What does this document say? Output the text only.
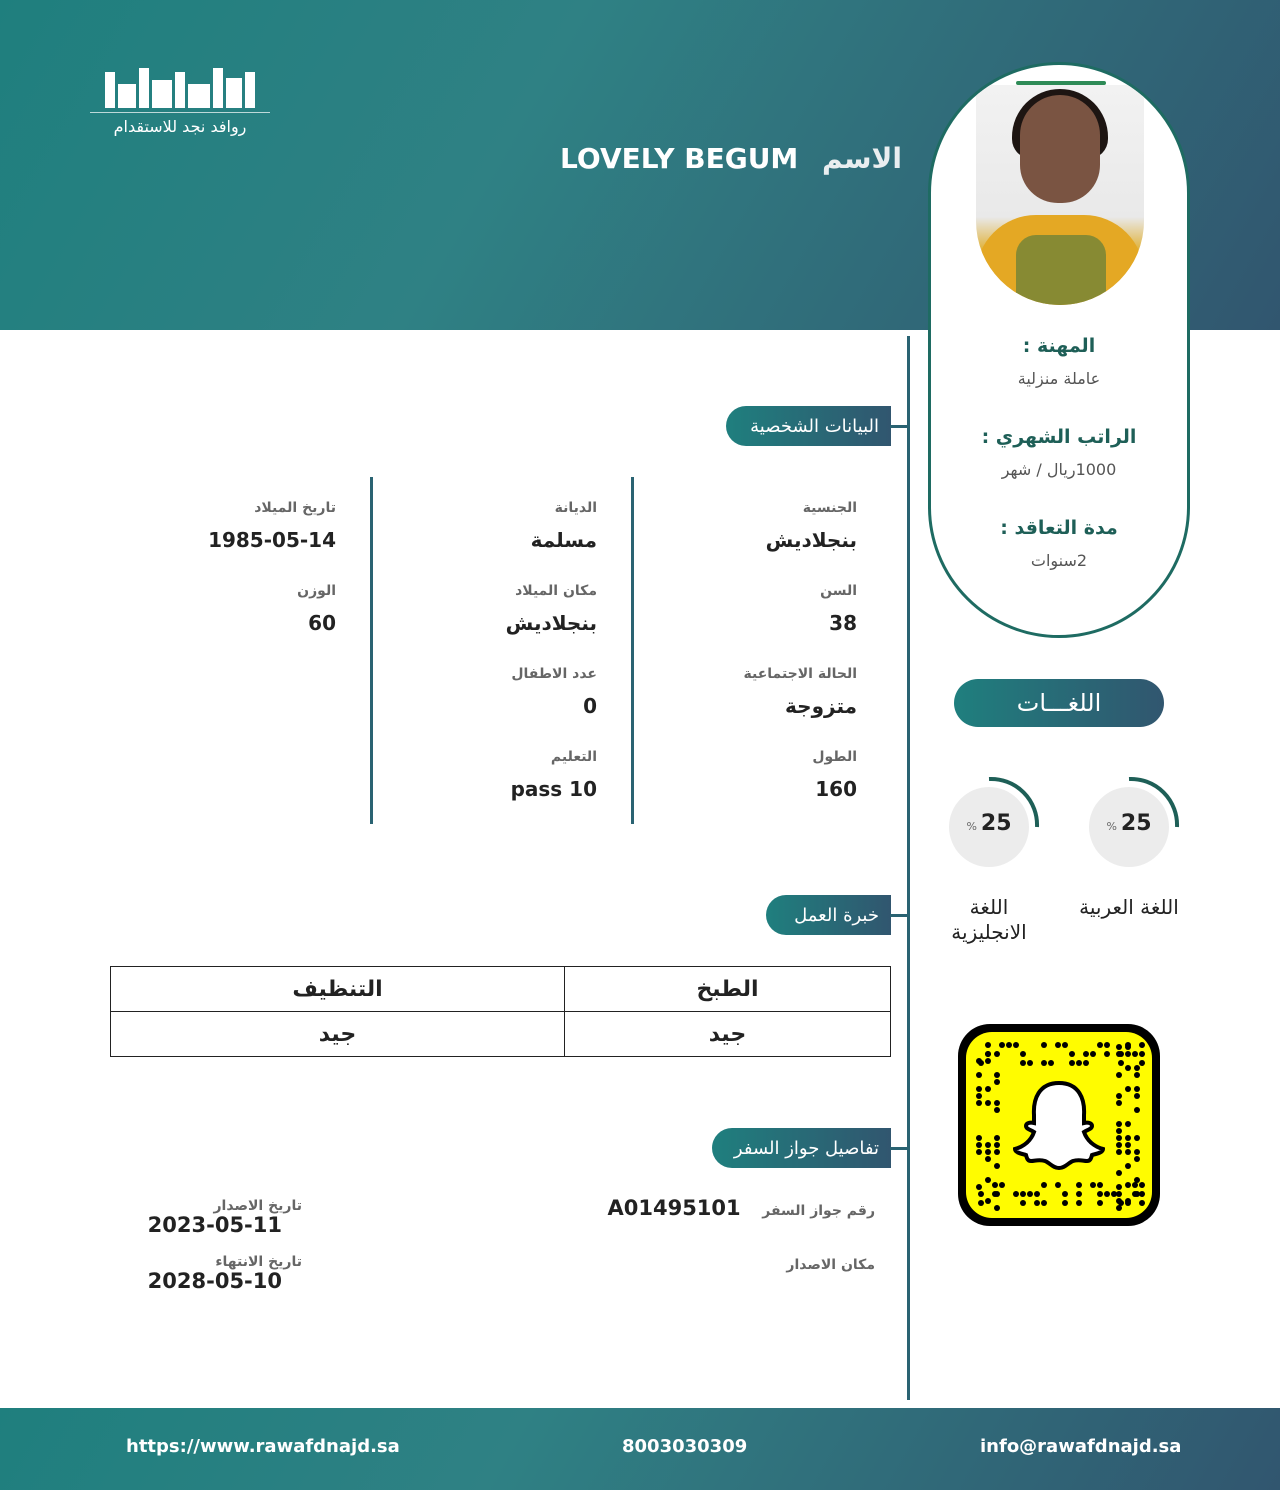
روافد نجد للاستقدام
الاسم LOVELY BEGUM
المهنة :
عاملة منزلية
الراتب الشهري :
1000ريال / شهر
مدة التعاقد :
2سنوات
البيانات الشخصية
الجنسية
بنجلاديش
الديانة
مسلمة
تاريخ الميلاد
1985-05-14
السن
38
مكان الميلاد
بنجلاديش
الوزن
60
الحالة الاجتماعية
متزوجة
عدد الاطفال
0
الطول
160
التعليم
pass 10
خبرة العمل
الطبخ	التنظيف
جيد	جيد
تفاصيل جواز السفر
رقم جواز السفر A01495101
مكان الاصدار
تاريخ الاصدار
2023-05-11
تاريخ الانتهاء
2028-05-10
اللغـــات
% 25
اللغة العربية
% 25
اللغة الانجليزية
https://www.rawafdnajd.sa	8003030309	info@rawafdnajd.sa
